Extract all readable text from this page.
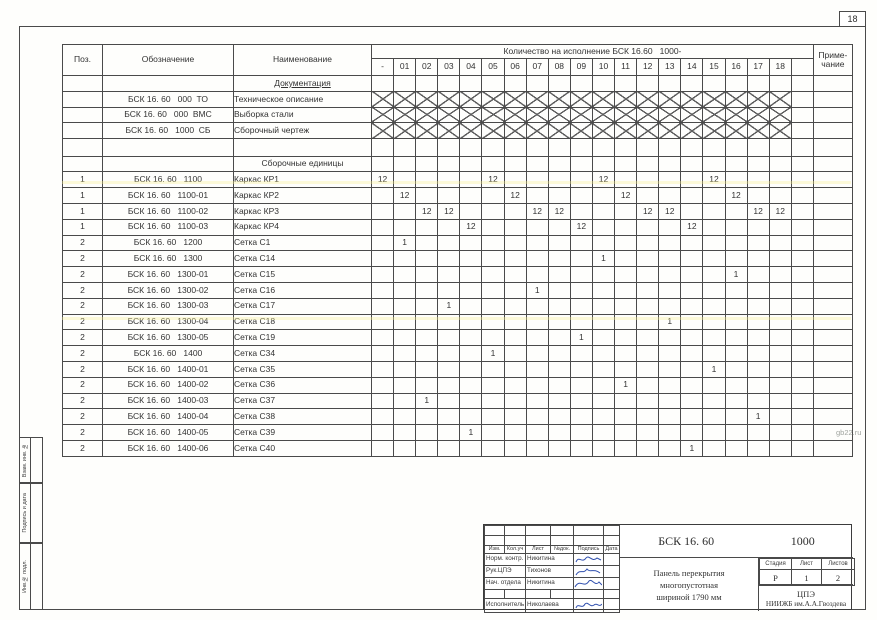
18
Взам. инв. №
Подпись и дата
Инв.№ подл.
Поз.	Обозначение	Наименование	Количество на исполнение БСК 16.60   1000-																				Приме-
чание
			-	01	02	03	04	05	06	07	08	09	10	11	12	13	14	15	16	17	18		
		Документация																					
	БСК 16. 60   000  ТО	Техническое описание																					
	БСК 16. 60   000  ВМС	Выборка стали																					
	БСК 16. 60   1000  СБ	Сборочный чертеж																					

		Сборочные единицы																					
1	БСК 16. 60   1100	Каркас КР1	12					12					12					12					
1	БСК 16. 60   1100-01	Каркас КР2		12					12					12					12				
1	БСК 16. 60   1100-02	Каркас КР3			12	12				12	12				12	12				12	12		
1	БСК 16. 60   1100-03	Каркас КР4					12					12					12						
2	БСК 16. 60   1200	Сетка С1		1																			
2	БСК 16. 60   1300	Сетка С14											1										
2	БСК 16. 60   1300-01	Сетка С15																	1				
2	БСК 16. 60   1300-02	Сетка С16								1													
2	БСК 16. 60   1300-03	Сетка С17				1																	
2	БСК 16. 60   1300-04	Сетка С18														1							
2	БСК 16. 60   1300-05	Сетка С19										1											
2	БСК 16. 60   1400	Сетка С34						1															
2	БСК 16. 60   1400-01	Сетка С35																1					
2	БСК 16. 60   1400-02	Сетка С36												1									
2	БСК 16. 60   1400-03	Сетка С37			1																		
2	БСК 16. 60   1400-04	Сетка С38																		1			
2	БСК 16. 60   1400-05	Сетка С39					1																
2	БСК 16. 60   1400-06	Сетка С40															1						

Изм.	Кол.уч	Лист	№док.	Подпись	Дата
Норм. контр.		Никитина	

Рук.ЦПЭ		Тихонов	

Нач. отдела		Никитина	

Исполнитель		Николаева	

БСК 16. 60	1000
Панель перекрытия
многопустотная
шириной 1790 мм
Стадия	Лист	Листов
Р	1	2
ЦПЭ
НИИЖБ им.А.А.Гвоздева
gb22.ru
